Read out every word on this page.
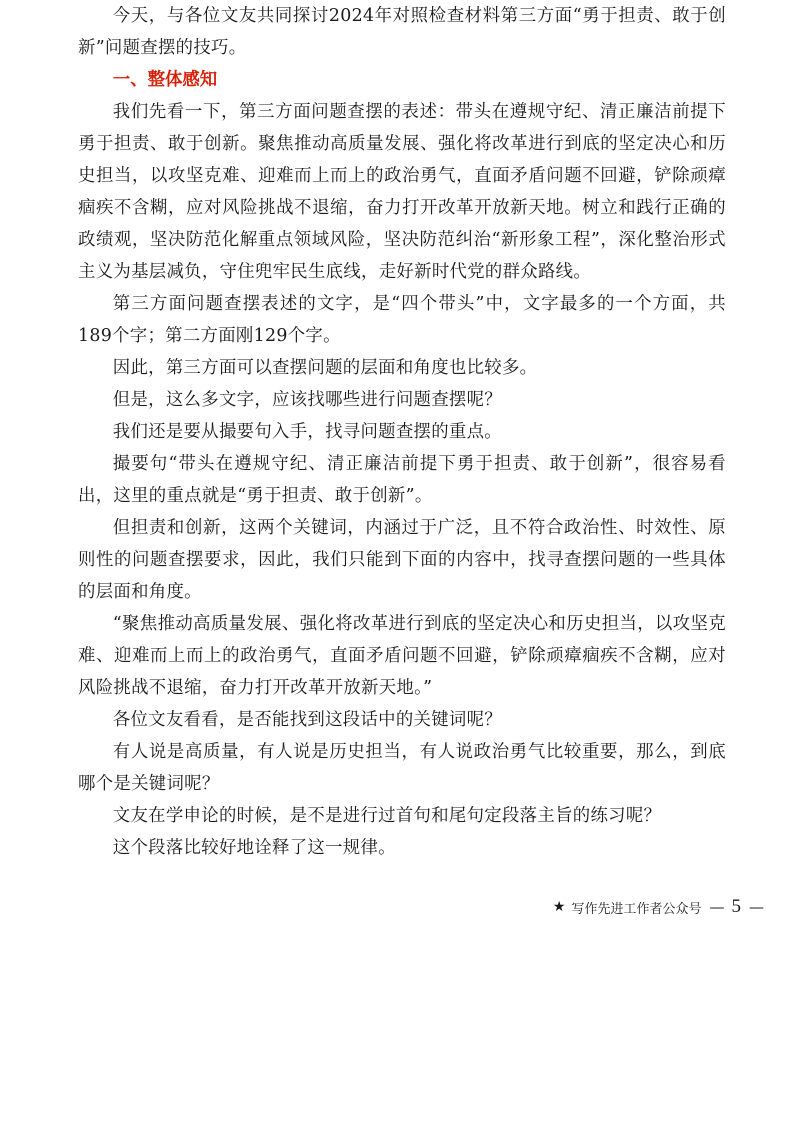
今天，与各位文友共同探讨2024年对照检查材料第三方面“勇于担责、敢于创新”问题查摆的技巧。

一、整体感知

我们先看一下，第三方面问题查摆的表述：带头在遵规守纪、清正廉洁前提下勇于担责、敢于创新。聚焦推动高质量发展、强化将改革进行到底的坚定决心和历史担当，以攻坚克难、迎难而上而上的政治勇气，直面矛盾问题不回避，铲除顽瘴痼疾不含糊，应对风险挑战不退缩，奋力打开改革开放新天地。树立和践行正确的政绩观，坚决防范化解重点领域风险，坚决防范纠治“新形象工程”，深化整治形式主义为基层减负，守住兜牢民生底线，走好新时代党的群众路线。

第三方面问题查摆表述的文字，是“四个带头”中，文字最多的一个方面，共189个字；第二方面刚129个字。

因此，第三方面可以查摆问题的层面和角度也比较多。

但是，这么多文字，应该找哪些进行问题查摆呢？

我们还是要从撮要句入手，找寻问题查摆的重点。

撮要句“带头在遵规守纪、清正廉洁前提下勇于担责、敢于创新”，很容易看出，这里的重点就是“勇于担责、敢于创新”。

但担责和创新，这两个关键词，内涵过于广泛，且不符合政治性、时效性、原则性的问题查摆要求，因此，我们只能到下面的内容中，找寻查摆问题的一些具体的层面和角度。

“聚焦推动高质量发展、强化将改革进行到底的坚定决心和历史担当，以攻坚克难、迎难而上而上的政治勇气，直面矛盾问题不回避，铲除顽瘴痼疾不含糊，应对风险挑战不退缩，奋力打开改革开放新天地。”

各位文友看看，是否能找到这段话中的关键词呢？

有人说是高质量，有人说是历史担当，有人说政治勇气比较重要，那么，到底哪个是关键词呢？

文友在学申论的时候，是不是进行过首句和尾句定段落主旨的练习呢？

这个段落比较好地诠释了这一规律。

★ 写作先进工作者公众号 — 5 —
